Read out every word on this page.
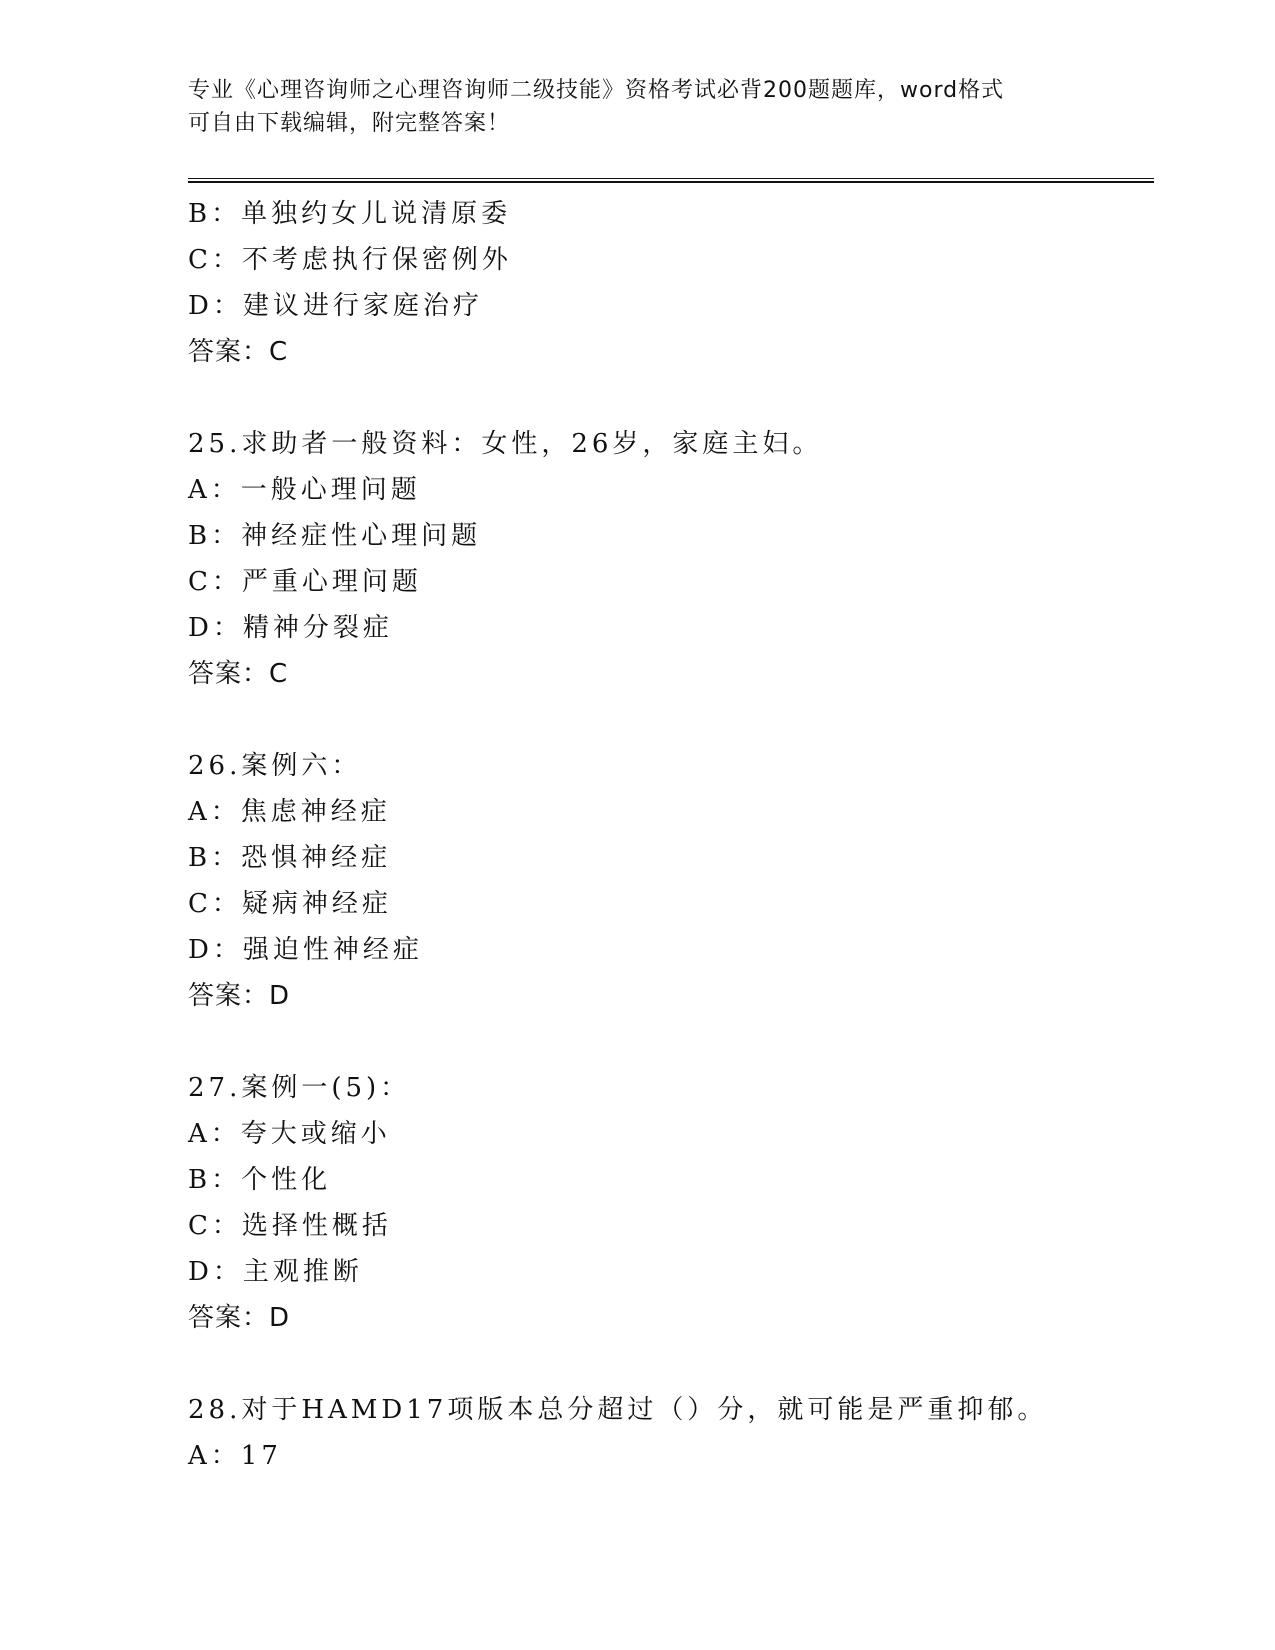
专业《心理咨询师之心理咨询师二级技能》资格考试必背200题题库，word格式
可自由下载编辑，附完整答案！
B：单独约女儿说清原委
C：不考虑执行保密例外
D：建议进行家庭治疗
答案：C
25.求助者一般资料：女性，26岁，家庭主妇。
A：一般心理问题
B：神经症性心理问题
C：严重心理问题
D：精神分裂症
答案：C
26.案例六：
A：焦虑神经症
B：恐惧神经症
C：疑病神经症
D：强迫性神经症
答案：D
27.案例一(5)：
A：夸大或缩小
B：个性化
C：选择性概括
D：主观推断
答案：D
28.对于HAMD17项版本总分超过（）分，就可能是严重抑郁。
A：17
